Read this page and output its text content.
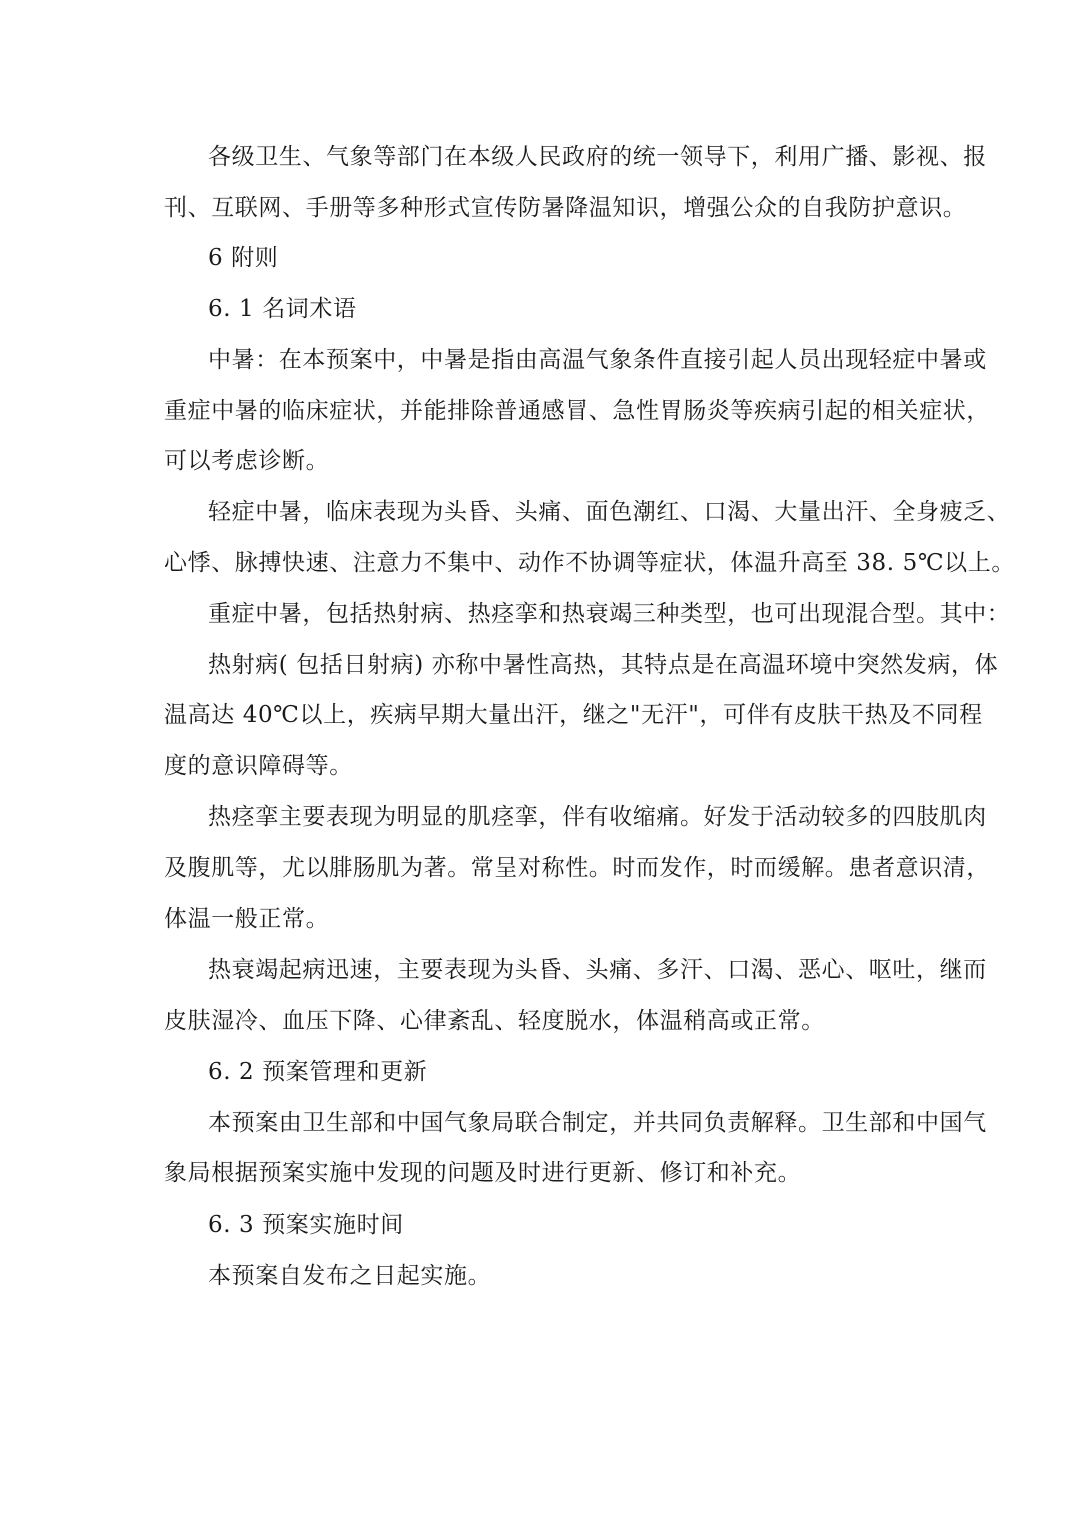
各级卫生、气象等部门在本级人民政府的统一领导下，利用广播、影视、报
刊、互联网、手册等多种形式宣传防暑降温知识，增强公众的自我防护意识。
6 附则
6. 1 名词术语
中暑：在本预案中，中暑是指由高温气象条件直接引起人员出现轻症中暑或
重症中暑的临床症状，并能排除普通感冒、急性胃肠炎等疾病引起的相关症状，
可以考虑诊断。
轻症中暑，临床表现为头昏、头痛、面色潮红、口渴、大量出汗、全身疲乏、
心悸、脉搏快速、注意力不集中、动作不协调等症状，体温升高至 38. 5℃以上。
重症中暑，包括热射病、热痉挛和热衰竭三种类型，也可出现混合型。其中：
热射病( 包括日射病) 亦称中暑性高热，其特点是在高温环境中突然发病，体
温高达 40℃以上，疾病早期大量出汗，继之"无汗"，可伴有皮肤干热及不同程
度的意识障碍等。
热痉挛主要表现为明显的肌痉挛，伴有收缩痛。好发于活动较多的四肢肌肉
及腹肌等，尤以腓肠肌为著。常呈对称性。时而发作，时而缓解。患者意识清，
体温一般正常。
热衰竭起病迅速，主要表现为头昏、头痛、多汗、口渴、恶心、呕吐，继而
皮肤湿冷、血压下降、心律紊乱、轻度脱水，体温稍高或正常。
6. 2 预案管理和更新
本预案由卫生部和中国气象局联合制定，并共同负责解释。卫生部和中国气
象局根据预案实施中发现的问题及时进行更新、修订和补充。
6. 3 预案实施时间
本预案自发布之日起实施。
